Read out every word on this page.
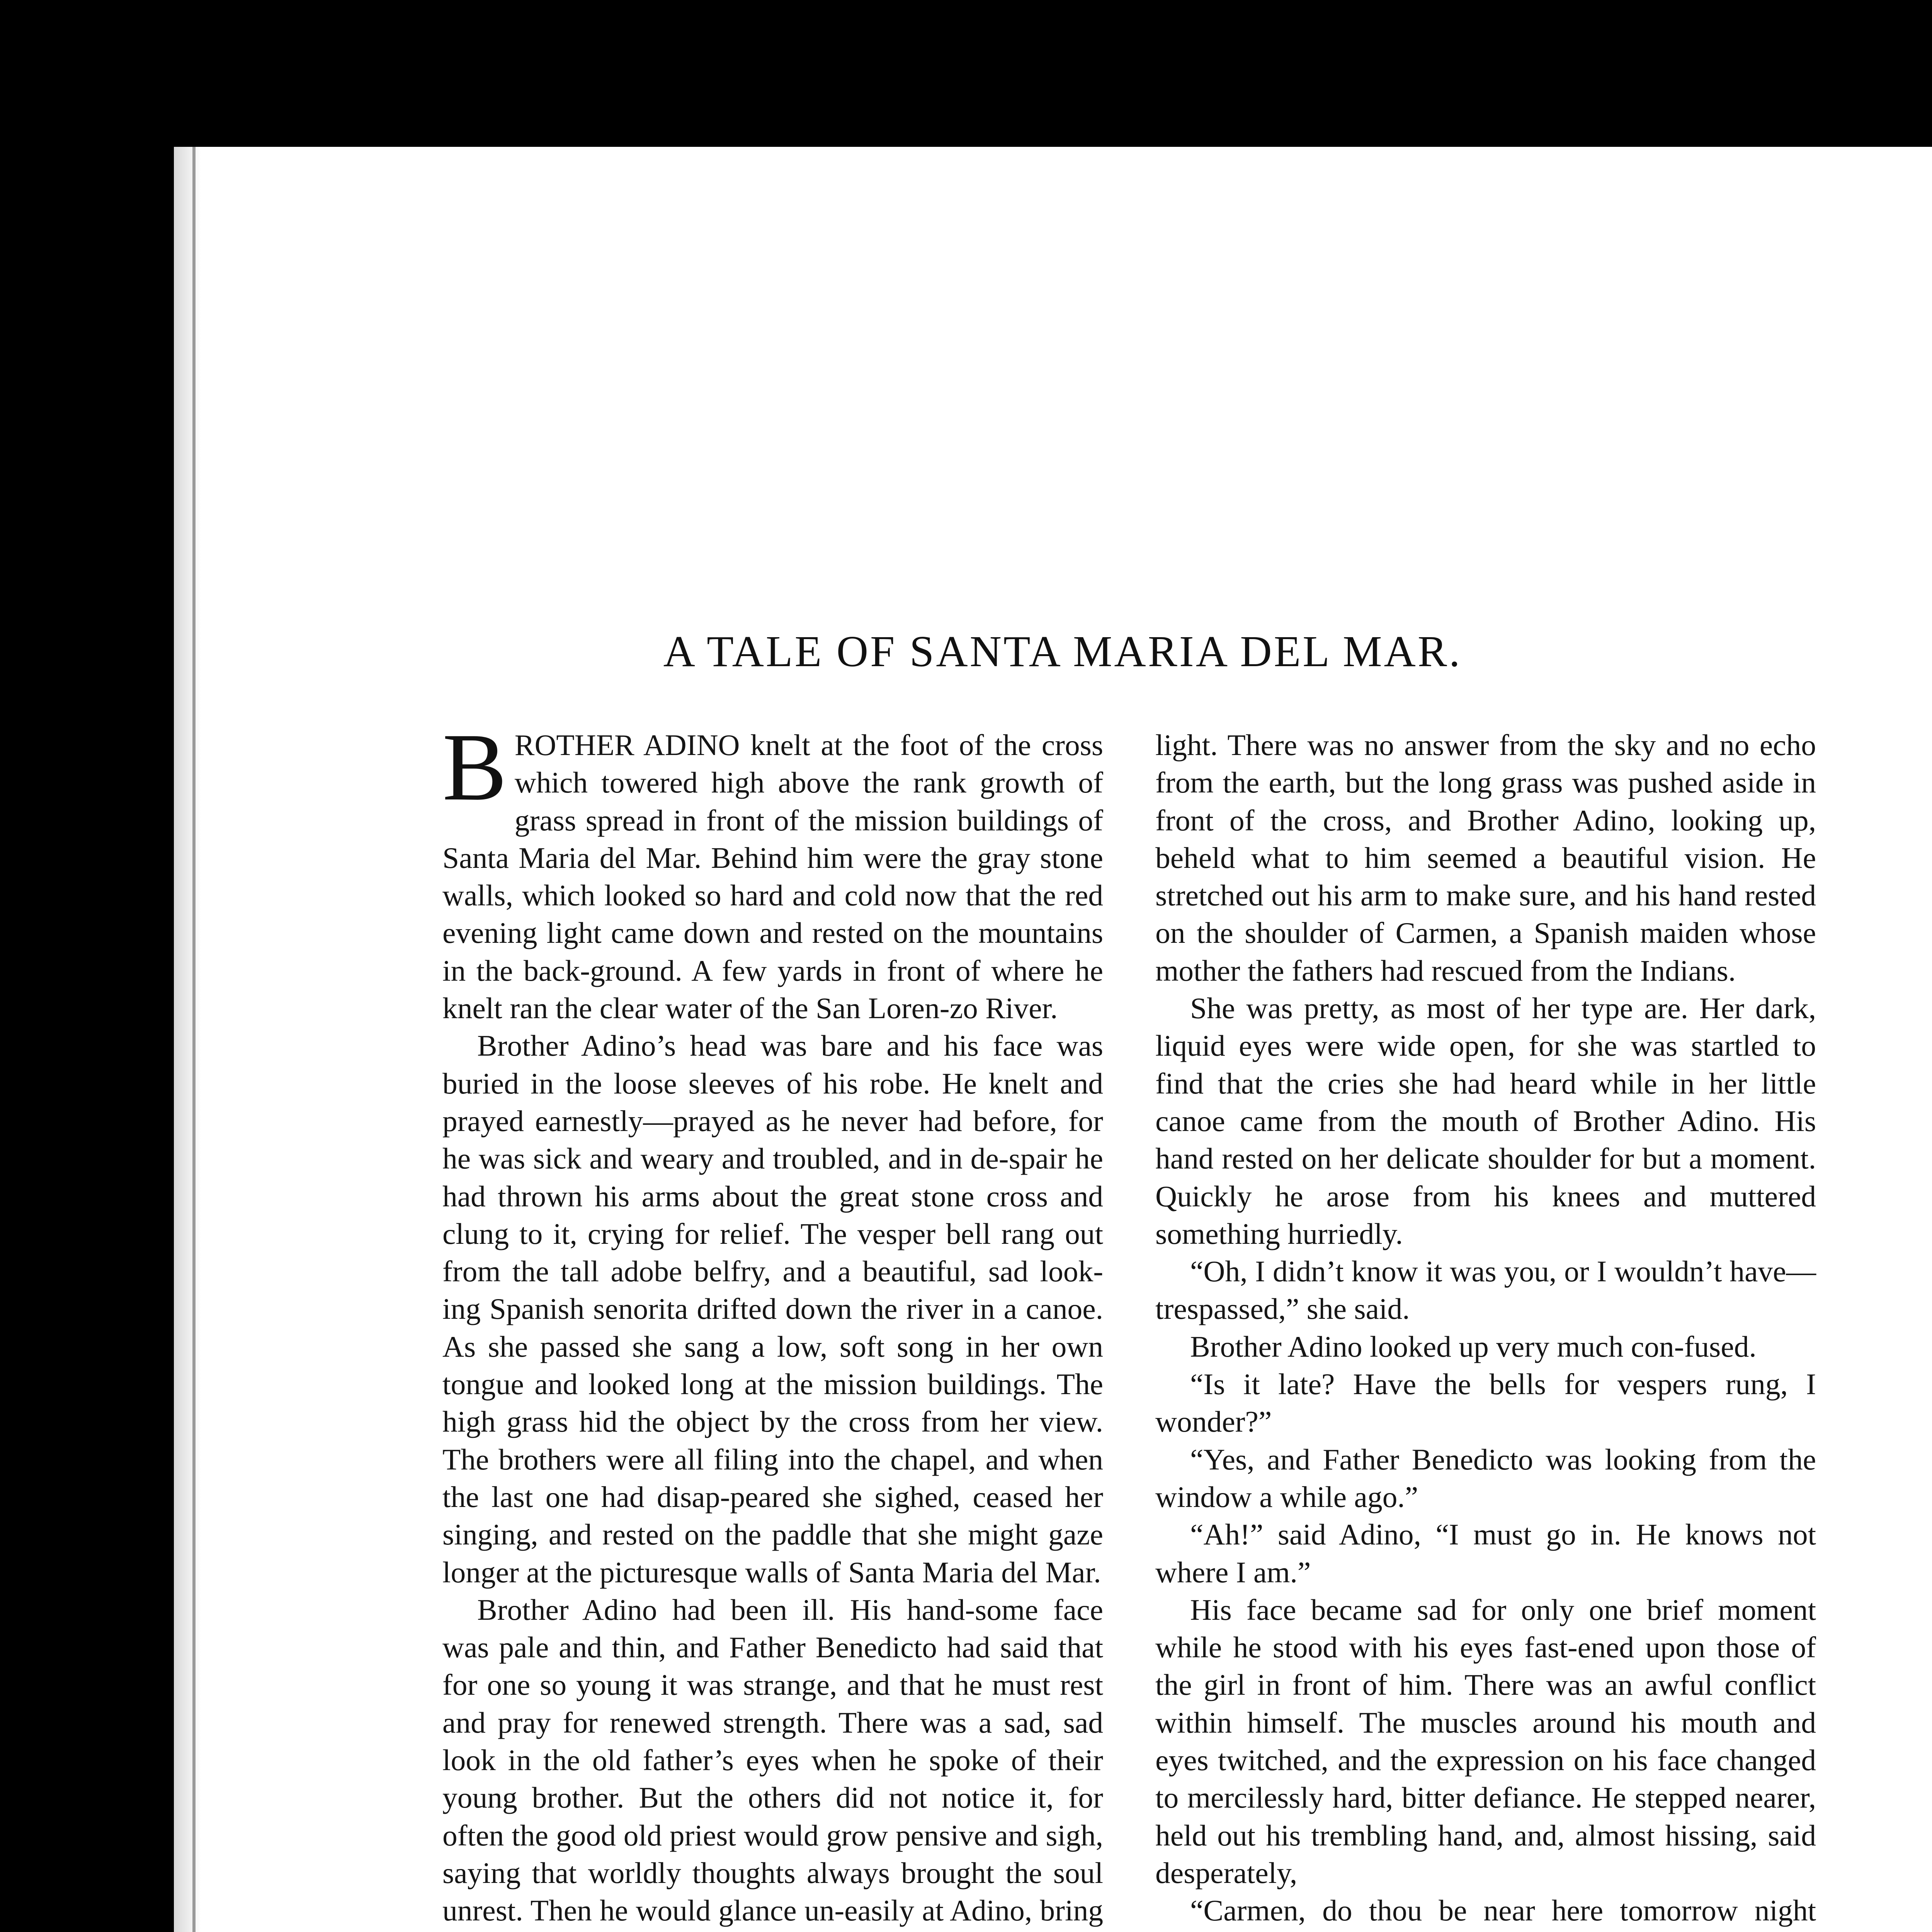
A TALE OF SANTA MARIA DEL MAR.

BROTHER ADINO knelt at the foot of the cross which towered high above the rank growth of grass spread in front of the mission buildings of Santa Maria del Mar. Behind him were the gray stone walls, which looked so hard and cold now that the red evening light came down and rested on the mountains in the back-ground. A few yards in front of where he knelt ran the clear water of the San Loren-zo River.

Brother Adino’s head was bare and his face was buried in the loose sleeves of his robe. He knelt and prayed earnestly—prayed as he never had before, for he was sick and weary and troubled, and in de-spair he had thrown his arms about the great stone cross and clung to it, crying for relief. The vesper bell rang out from the tall adobe belfry, and a beautiful, sad look-ing Spanish senorita drifted down the river in a canoe. As she passed she sang a low, soft song in her own tongue and looked long at the mission buildings. The high grass hid the object by the cross from her view. The brothers were all filing into the chapel, and when the last one had disap-peared she sighed, ceased her singing, and rested on the paddle that she might gaze longer at the picturesque walls of Santa Maria del Mar.

Brother Adino had been ill. His hand-some face was pale and thin, and Father Benedicto had said that for one so young it was strange, and that he must rest and pray for renewed strength. There was a sad, sad look in the old father’s eyes when he spoke of their young brother. But the others did not notice it, for often the good old priest would grow pensive and sigh, saying that worldly thoughts always brought the soul unrest. Then he would glance un-easily at Adino, bring

light. There was no answer from the sky and no echo from the earth, but the long grass was pushed aside in front of the cross, and Brother Adino, looking up, beheld what to him seemed a beautiful vision. He stretched out his arm to make sure, and his hand rested on the shoulder of Carmen, a Spanish maiden whose mother the fathers had rescued from the Indians.

She was pretty, as most of her type are. Her dark, liquid eyes were wide open, for she was startled to find that the cries she had heard while in her little canoe came from the mouth of Brother Adino. His hand rested on her delicate shoulder for but a moment. Quickly he arose from his knees and muttered something hurriedly.

“Oh, I didn’t know it was you, or I wouldn’t have—trespassed,” she said.

Brother Adino looked up very much con-fused.

“Is it late? Have the bells for vespers rung, I wonder?”

“Yes, and Father Benedicto was looking from the window a while ago.”

“Ah!” said Adino, “I must go in. He knows not where I am.”

His face became sad for only one brief moment while he stood with his eyes fast-ened upon those of the girl in front of him. There was an awful conflict within himself. The muscles around his mouth and eyes twitched, and the expression on his face changed to mercilessly hard, bitter defiance. He stepped nearer, held out his trembling hand, and, almost hissing, said desperately,

“Carmen, do thou be near here tomorrow night
